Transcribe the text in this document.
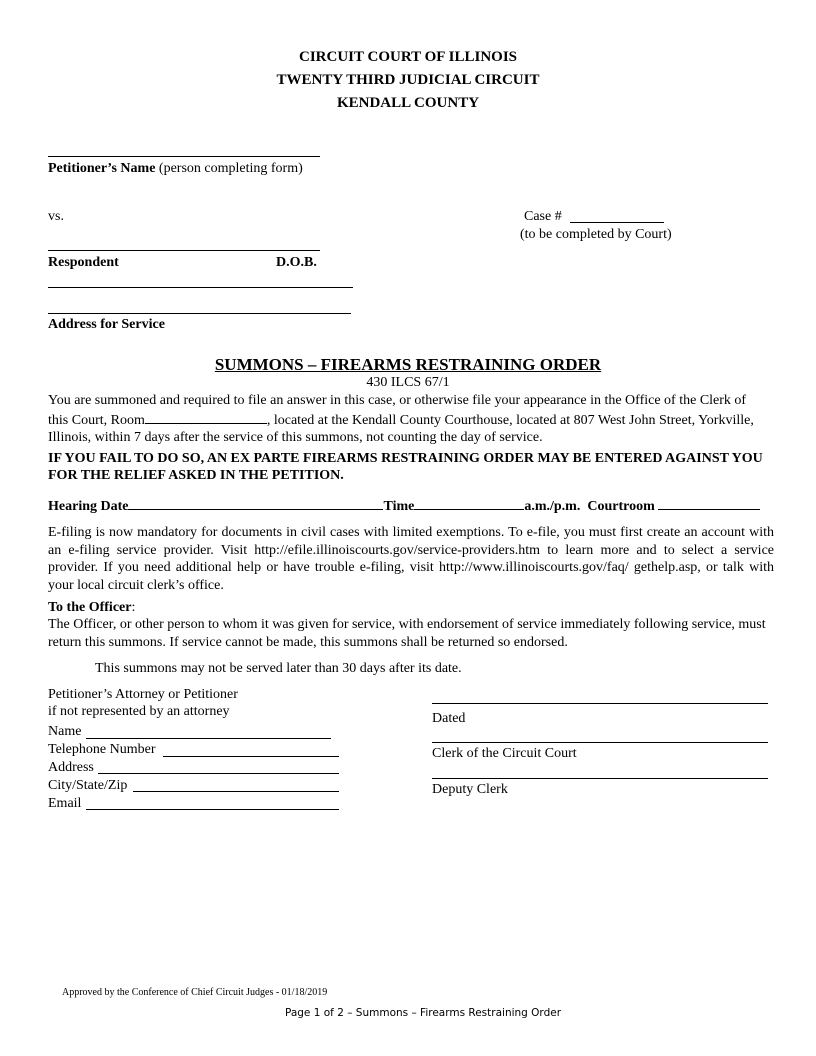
CIRCUIT COURT OF ILLINOIS
TWENTY THIRD JUDICIAL CIRCUIT
KENDALL COUNTY
Petitioner’s Name (person completing form)
vs.	Case #
(to be completed by Court)
Respondent	D.O.B.
Address for Service
SUMMONS – FIREARMS RESTRAINING ORDER
430 ILCS 67/1
You are summoned and required to file an answer in this case, or otherwise file your appearance in the Office of the Clerk of this Court, Room	, located at the Kendall County Courthouse, located at 807 West John Street, Yorkville, Illinois, within 7 days after the service of this summons, not counting the day of service.
IF YOU FAIL TO DO SO, AN EX PARTE FIREARMS RESTRAINING ORDER MAY BE ENTERED AGAINST YOU FOR THE RELIEF ASKED IN THE PETITION.
Hearing Date	Time	a.m./p.m. Courtroom
E-filing is now mandatory for documents in civil cases with limited exemptions. To e-file, you must first create an account with an e-filing service provider. Visit http://efile.illinoiscourts.gov/service-providers.htm to learn more and to select a service provider. If you need additional help or have trouble e-filing, visit http://www.illinoiscourts.gov/faq/ gethelp.asp, or talk with your local circuit clerk’s office.
To the Officer:
The Officer, or other person to whom it was given for service, with endorsement of service immediately following service, must return this summons. If service cannot be made, this summons shall be returned so endorsed.
This summons may not be served later than 30 days after its date.
Petitioner’s Attorney or Petitioner
if not represented by an attorney
Name
Telephone Number
Address
City/State/Zip
Email
Dated
Clerk of the Circuit Court
Deputy Clerk
Approved by the Conference of Chief Circuit Judges - 01/18/2019
Page 1 of 2 – Summons – Firearms Restraining Order
